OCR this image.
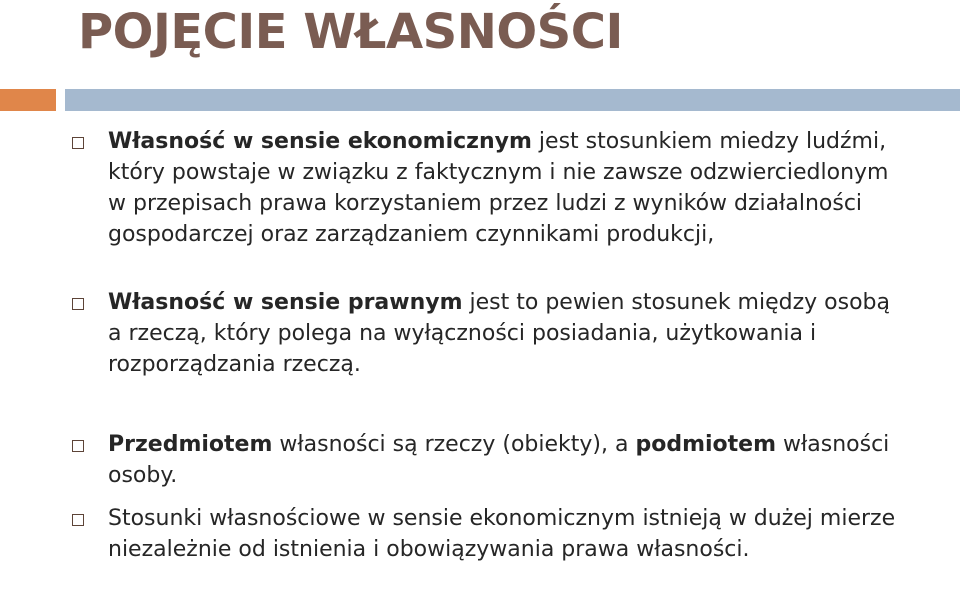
POJĘCIE WŁASNOŚCI
Własność w sensie ekonomicznym jest stosunkiem miedzy ludźmi, który powstaje w związku z faktycznym i nie zawsze odzwierciedlonym w przepisach prawa korzystaniem przez ludzi z wyników działalności gospodarczej oraz zarządzaniem czynnikami produkcji,
Własność w sensie prawnym jest to pewien stosunek między osobą a rzeczą, który polega na wyłączności posiadania, użytkowania i rozporządzania rzeczą.
Przedmiotem własności są rzeczy (obiekty), a podmiotem własności osoby.
Stosunki własnościowe w sensie ekonomicznym istnieją w dużej mierze niezależnie od istnienia i obowiązywania prawa własności.
